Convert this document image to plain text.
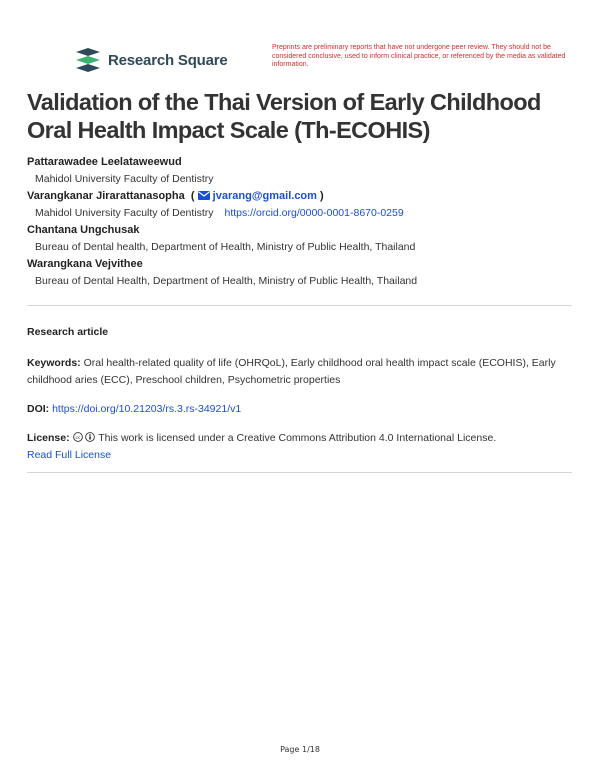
Research Square
Preprints are preliminary reports that have not undergone peer review. They should not be considered conclusive, used to inform clinical practice, or referenced by the media as validated information.
Validation of the Thai Version of Early Childhood Oral Health Impact Scale (Th-ECOHIS)
Pattarawadee Leelataweewud
Mahidol University Faculty of Dentistry
Varangkanar Jirarattanasopha  ( jvarang@gmail.com )
Mahidol University Faculty of Dentistry https://orcid.org/0000-0001-8670-0259
Chantana Ungchusak
Bureau of Dental health, Department of Health, Ministry of Public Health, Thailand
Warangkana Vejvithee
Bureau of Dental Health, Department of Health, Ministry of Public Health, Thailand
Research article
Keywords: Oral health-related quality of life (OHRQoL), Early childhood oral health impact scale (ECOHIS), Early childhood aries (ECC), Preschool children, Psychometric properties
DOI: https://doi.org/10.21203/rs.3.rs-34921/v1
License: cc This work is licensed under a Creative Commons Attribution 4.0 International License.
Read Full License
Page 1/18
